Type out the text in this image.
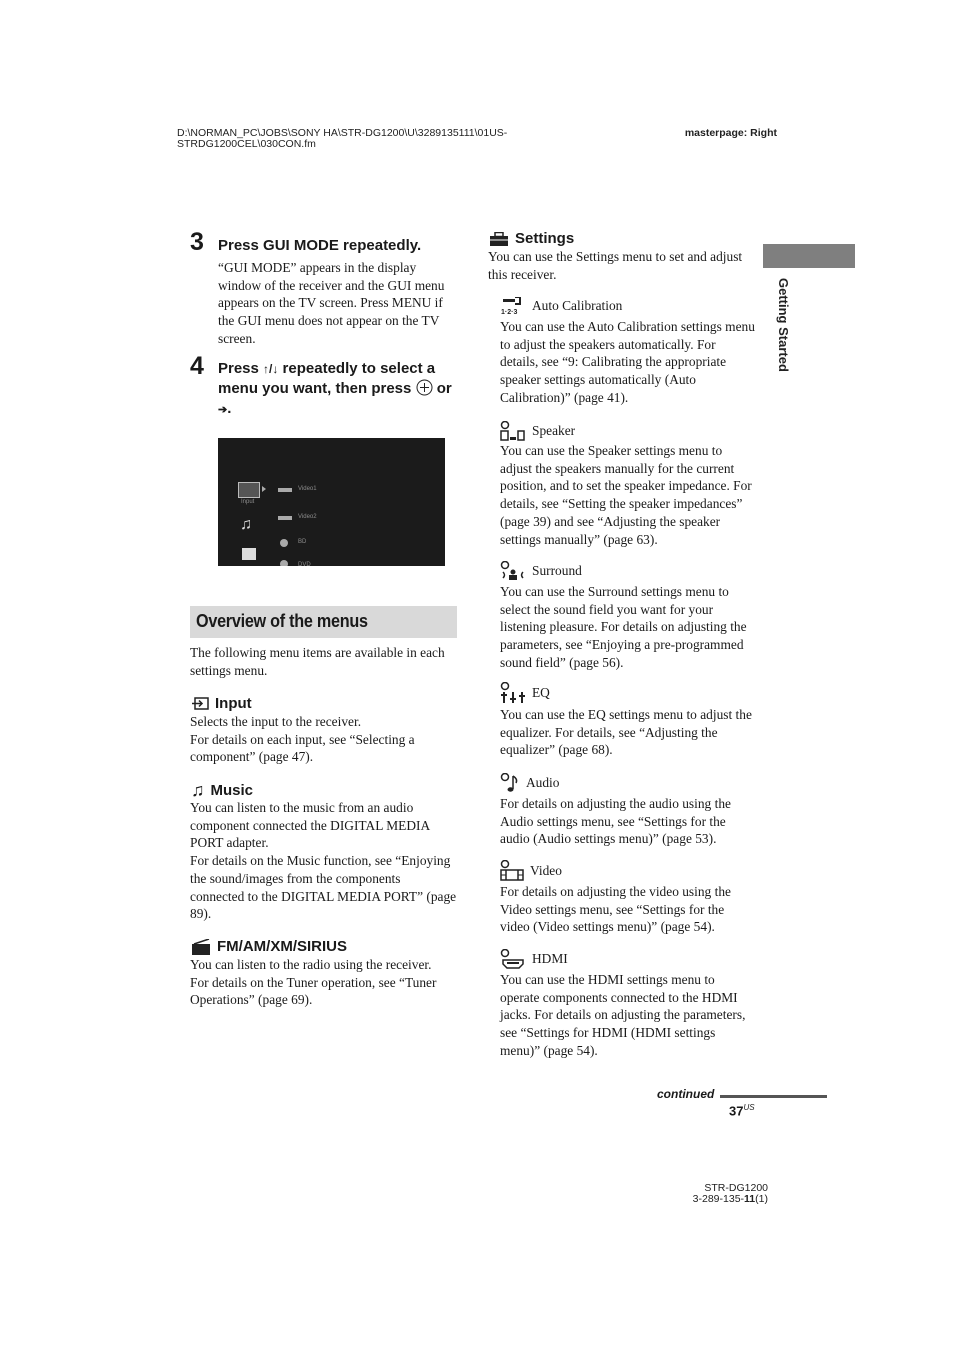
D:\NORMAN_PC\JOBS\SONY HA\STR-DG1200\U\3289135111\01US-
STRDG1200CEL\030CON.fm
masterpage: Right
Getting Started
3 Press GUI MODE repeatedly.
“GUI MODE” appears in the display window of the receiver and the GUI menu appears on the TV screen. Press MENU if the GUI menu does not appear on the TV screen.
4 Press ↑/↓ repeatedly to select a menu you want, then press  or ➔.
Input
♫
Video1
Video2
BD
DVD
Overview of the menus
The following menu items are available in each settings menu.
Input
Selects the input to the receiver.
For details on each input, see “Selecting a component” (page 47).
♫ Music
You can listen to the music from an audio component connected the DIGITAL MEDIA PORT adapter.
For details on the Music function, see “Enjoying the sound/images from the components connected to the DIGITAL MEDIA PORT” (page 89).
FM/AM/XM/SIRIUS
You can listen to the radio using the receiver.
For details on the Tuner operation, see “Tuner Operations” (page 69).
Settings
You can use the Settings menu to set and adjust this receiver.
1·2·3 Auto Calibration
You can use the Auto Calibration settings menu to adjust the speakers automatically. For details, see “9: Calibrating the appropriate speaker settings automatically (Auto Calibration)” (page 41).
Speaker
You can use the Speaker settings menu to adjust the speakers manually for the current position, and to set the speaker impedance. For details, see “Setting the speaker impedances” (page 39) and see “Adjusting the speaker settings manually” (page 63).
Surround
You can use the Surround settings menu to select the sound field you want for your listening pleasure. For details on adjusting the parameters, see “Enjoying a pre-programmed sound field” (page 56).
EQ
You can use the EQ settings menu to adjust the equalizer. For details, see “Adjusting the equalizer” (page 68).
Audio
For details on adjusting the audio using the Audio settings menu, see “Settings for the audio (Audio settings menu)” (page 53).
Video
For details on adjusting the video using the Video settings menu, see “Settings for the video (Video settings menu)” (page 54).
HDMI
You can use the HDMI settings menu to operate components connected to the HDMI jacks. For details on adjusting the parameters, see “Settings for HDMI (HDMI settings menu)” (page 54).
continued
$37^{US}$
STR-DG1200
3-289-135-11(1)
